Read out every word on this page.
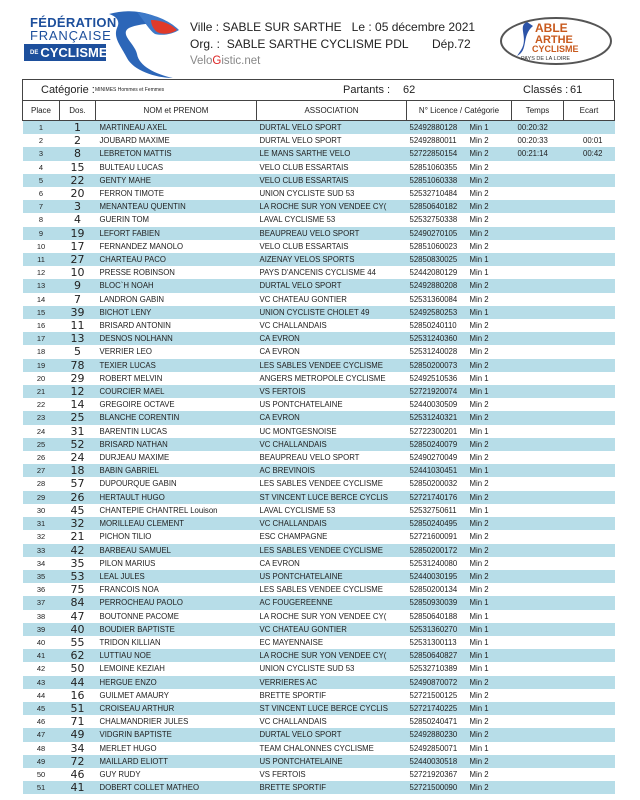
FÉDÉRATION
FRANÇAISE
DE CYCLISME
Ville : SABLE SUR SARTHE Le : 05 décembre 2021
Org. : SABLE SARTHE CYCLISME PDL Dép.72
VeloGistic.net
ABLE
ARTHE
CYCLISME
PAYS DE LA LOIRE
Catégorie : MINIMES Hommes et Femmes	Partants : 62	Classés : 61
Place	Dos.	NOM et PRENOM	ASSOCIATION	N° Licence / Catégorie	Temps	Ecart
1	1	MARTINEAU AXEL	DURTAL VELO SPORT	52492880128 Min 1	00:20:32	
2	2	JOUBARD MAXIME	DURTAL VELO SPORT	52492880011 Min 2	00:20:33	00:01
3	8	LEBRETON MATTIS	LE MANS SARTHE VELO	52722850154 Min 2	00:21:14	00:42
4	15	BULTEAU LUCAS	VELO CLUB ESSARTAIS	52851060355 Min 2		
5	22	GENTY MAHE	VELO CLUB ESSARTAIS	52851060338 Min 2		
6	20	FERRON TIMOTE	UNION CYCLISTE SUD 53	52532710484 Min 2		
7	3	MENANTEAU QUENTIN	LA ROCHE SUR YON VENDEE CY(	52850640182 Min 2		
8	4	GUERIN TOM	LAVAL CYCLISME 53	52532750338 Min 2		
9	19	LEFORT FABIEN	BEAUPREAU VELO SPORT	52490270105 Min 2		
10	17	FERNANDEZ MANOLO	VELO CLUB ESSARTAIS	52851060023 Min 2		
11	27	CHARTEAU PACO	AIZENAY VELOS SPORTS	52850830025 Min 1		
12	10	PRESSE ROBINSON	PAYS D'ANCENIS CYCLISME 44	52442080129 Min 1		
13	9	BLOC`H NOAH	DURTAL VELO SPORT	52492880208 Min 2		
14	7	LANDRON GABIN	VC CHATEAU GONTIER	52531360084 Min 2		
15	39	BICHOT LENY	UNION CYCLISTE CHOLET 49	52492580253 Min 1		
16	11	BRISARD ANTONIN	VC CHALLANDAIS	52850240110 Min 2		
17	13	DESNOS NOLHANN	CA EVRON	52531240360 Min 2		
18	5	VERRIER LEO	CA EVRON	52531240028 Min 2		
19	78	TEXIER LUCAS	LES SABLES VENDEE CYCLISME	52850200073 Min 2		
20	29	ROBERT MELVIN	ANGERS METROPOLE CYCLISME	52492510536 Min 1		
21	12	COURCIER MAEL	VS FERTOIS	52721920074 Min 1		
22	14	GREGOIRE OCTAVE	US PONTCHATELAINE	52440030509 Min 2		
23	25	BLANCHE CORENTIN	CA EVRON	52531240321 Min 2		
24	31	BARENTIN LUCAS	UC MONTGESNOISE	52722300201 Min 1		
25	52	BRISARD NATHAN	VC CHALLANDAIS	52850240079 Min 2		
26	24	DURJEAU MAXIME	BEAUPREAU VELO SPORT	52490270049 Min 2		
27	18	BABIN GABRIEL	AC BREVINOIS	52441030451 Min 1		
28	57	DUPOURQUE GABIN	LES SABLES VENDEE CYCLISME	52850200032 Min 2		
29	26	HERTAULT HUGO	ST VINCENT LUCE BERCE CYCLIS	52721740176 Min 2		
30	45	CHANTEPIE CHANTREL Louison	LAVAL CYCLISME 53	52532750611 Min 1		
31	32	MORILLEAU CLEMENT	VC CHALLANDAIS	52850240495 Min 2		
32	21	PICHON TILIO	ESC CHAMPAGNE	52721600091 Min 2		
33	42	BARBEAU SAMUEL	LES SABLES VENDEE CYCLISME	52850200172 Min 2		
34	35	PILON MARIUS	CA EVRON	52531240080 Min 2		
35	53	LEAL JULES	US PONTCHATELAINE	52440030195 Min 2		
36	75	FRANCOIS NOA	LES SABLES VENDEE CYCLISME	52850200134 Min 2		
37	84	PERROCHEAU PAOLO	AC FOUGEREENNE	52850930039 Min 1		
38	47	BOUTONNE PACOME	LA ROCHE SUR YON VENDEE CY(	52850640188 Min 1		
39	40	BOUDIER BAPTISTE	VC CHATEAU GONTIER	52531360270 Min 1		
40	55	TRIDON KILLIAN	EC MAYENNAISE	52531300113 Min 1		
41	62	LUTTIAU NOE	LA ROCHE SUR YON VENDEE CY(	52850640827 Min 1		
42	50	LEMOINE KEZIAH	UNION CYCLISTE SUD 53	52532710389 Min 1		
43	44	HERGUE ENZO	VERRIERES AC	52490870072 Min 2		
44	16	GUILMET AMAURY	BRETTE SPORTIF	52721500125 Min 2		
45	51	CROISEAU ARTHUR	ST VINCENT LUCE BERCE CYCLIS	52721740225 Min 1		
46	71	CHALMANDRIER JULES	VC CHALLANDAIS	52850240471 Min 2		
47	49	VIDGRIN BAPTISTE	DURTAL VELO SPORT	52492880230 Min 2		
48	34	MERLET HUGO	TEAM CHALONNES CYCLISME	52492850071 Min 1		
49	72	MAILLARD ELIOTT	US PONTCHATELAINE	52440030518 Min 2		
50	46	GUY RUDY	VS FERTOIS	52721920367 Min 2		
51	41	DOBERT COLLET MATHEO	BRETTE SPORTIF	52721500090 Min 2		
